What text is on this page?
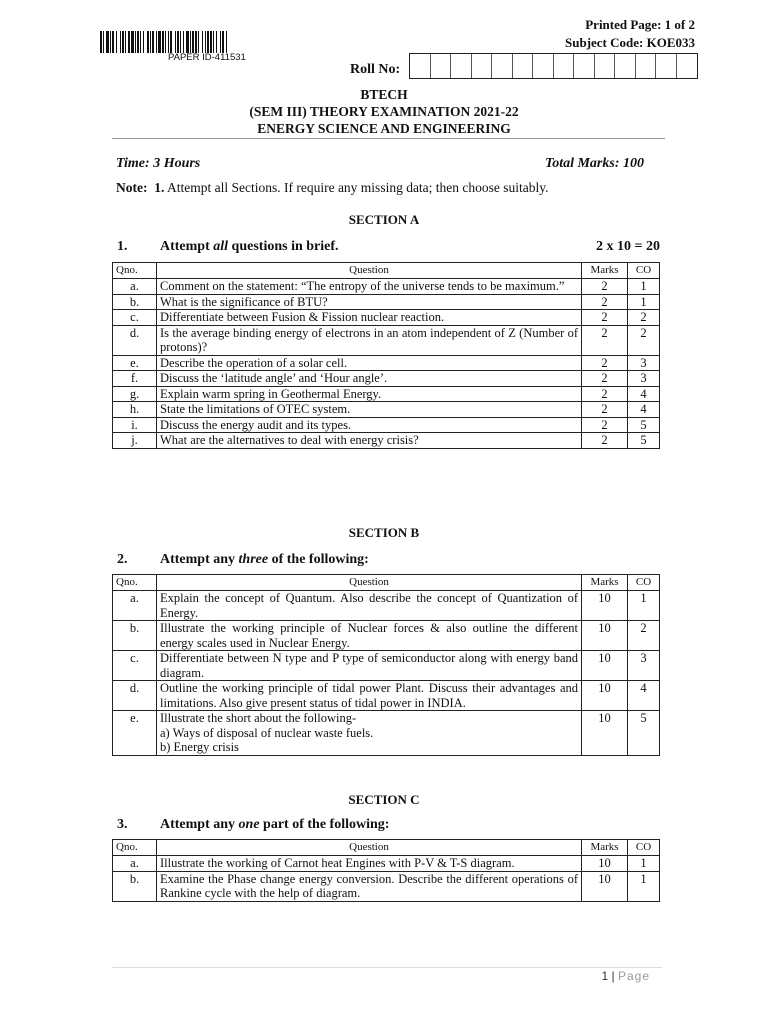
PAPER ID-411531
Printed Page: 1 of 2
Subject Code: KOE033
Roll No:
BTECH
(SEM III) THEORY EXAMINATION 2021-22
ENERGY SCIENCE AND ENGINEERING
Time: 3 Hours	Total Marks: 100
Note: 1. Attempt all Sections. If require any missing data; then choose suitably.
SECTION A
1. Attempt all questions in brief.	2 x 10 = 20
Qno.	Question	Marks	CO
a.	Comment on the statement: “The entropy of the universe tends to be maximum.”	2	1
b.	What is the significance of BTU?	2	1
c.	Differentiate between Fusion & Fission nuclear reaction.	2	2
d.	Is the average binding energy of electrons in an atom independent of Z (Number of protons)?	2	2
e.	Describe the operation of a solar cell.	2	3
f.	Discuss the ‘latitude angle’ and ‘Hour angle’.	2	3
g.	Explain warm spring in Geothermal Energy.	2	4
h.	State the limitations of OTEC system.	2	4
i.	Discuss the energy audit and its types.	2	5
j.	What are the alternatives to deal with energy crisis?	2	5
SECTION B
2. Attempt any three of the following:
Qno.	Question	Marks	CO
a.	Explain the concept of Quantum. Also describe the concept of Quantization of Energy.	10	1
b.	Illustrate the working principle of Nuclear forces & also outline the different energy scales used in Nuclear Energy.	10	2
c.	Differentiate between N type and P type of semiconductor along with energy band diagram.	10	3
d.	Outline the working principle of tidal power Plant. Discuss their advantages and limitations. Also give present status of tidal power in INDIA.	10	4
e.	Illustrate the short about the following-
a) Ways of disposal of nuclear waste fuels.
b) Energy crisis	10	5
SECTION C
3. Attempt any one part of the following:
Qno.	Question	Marks	CO
a.	Illustrate the working of Carnot heat Engines with P-V & T-S diagram.	10	1
b.	Examine the Phase change energy conversion. Describe the different operations of Rankine cycle with the help of diagram.	10	1
1 | Page
